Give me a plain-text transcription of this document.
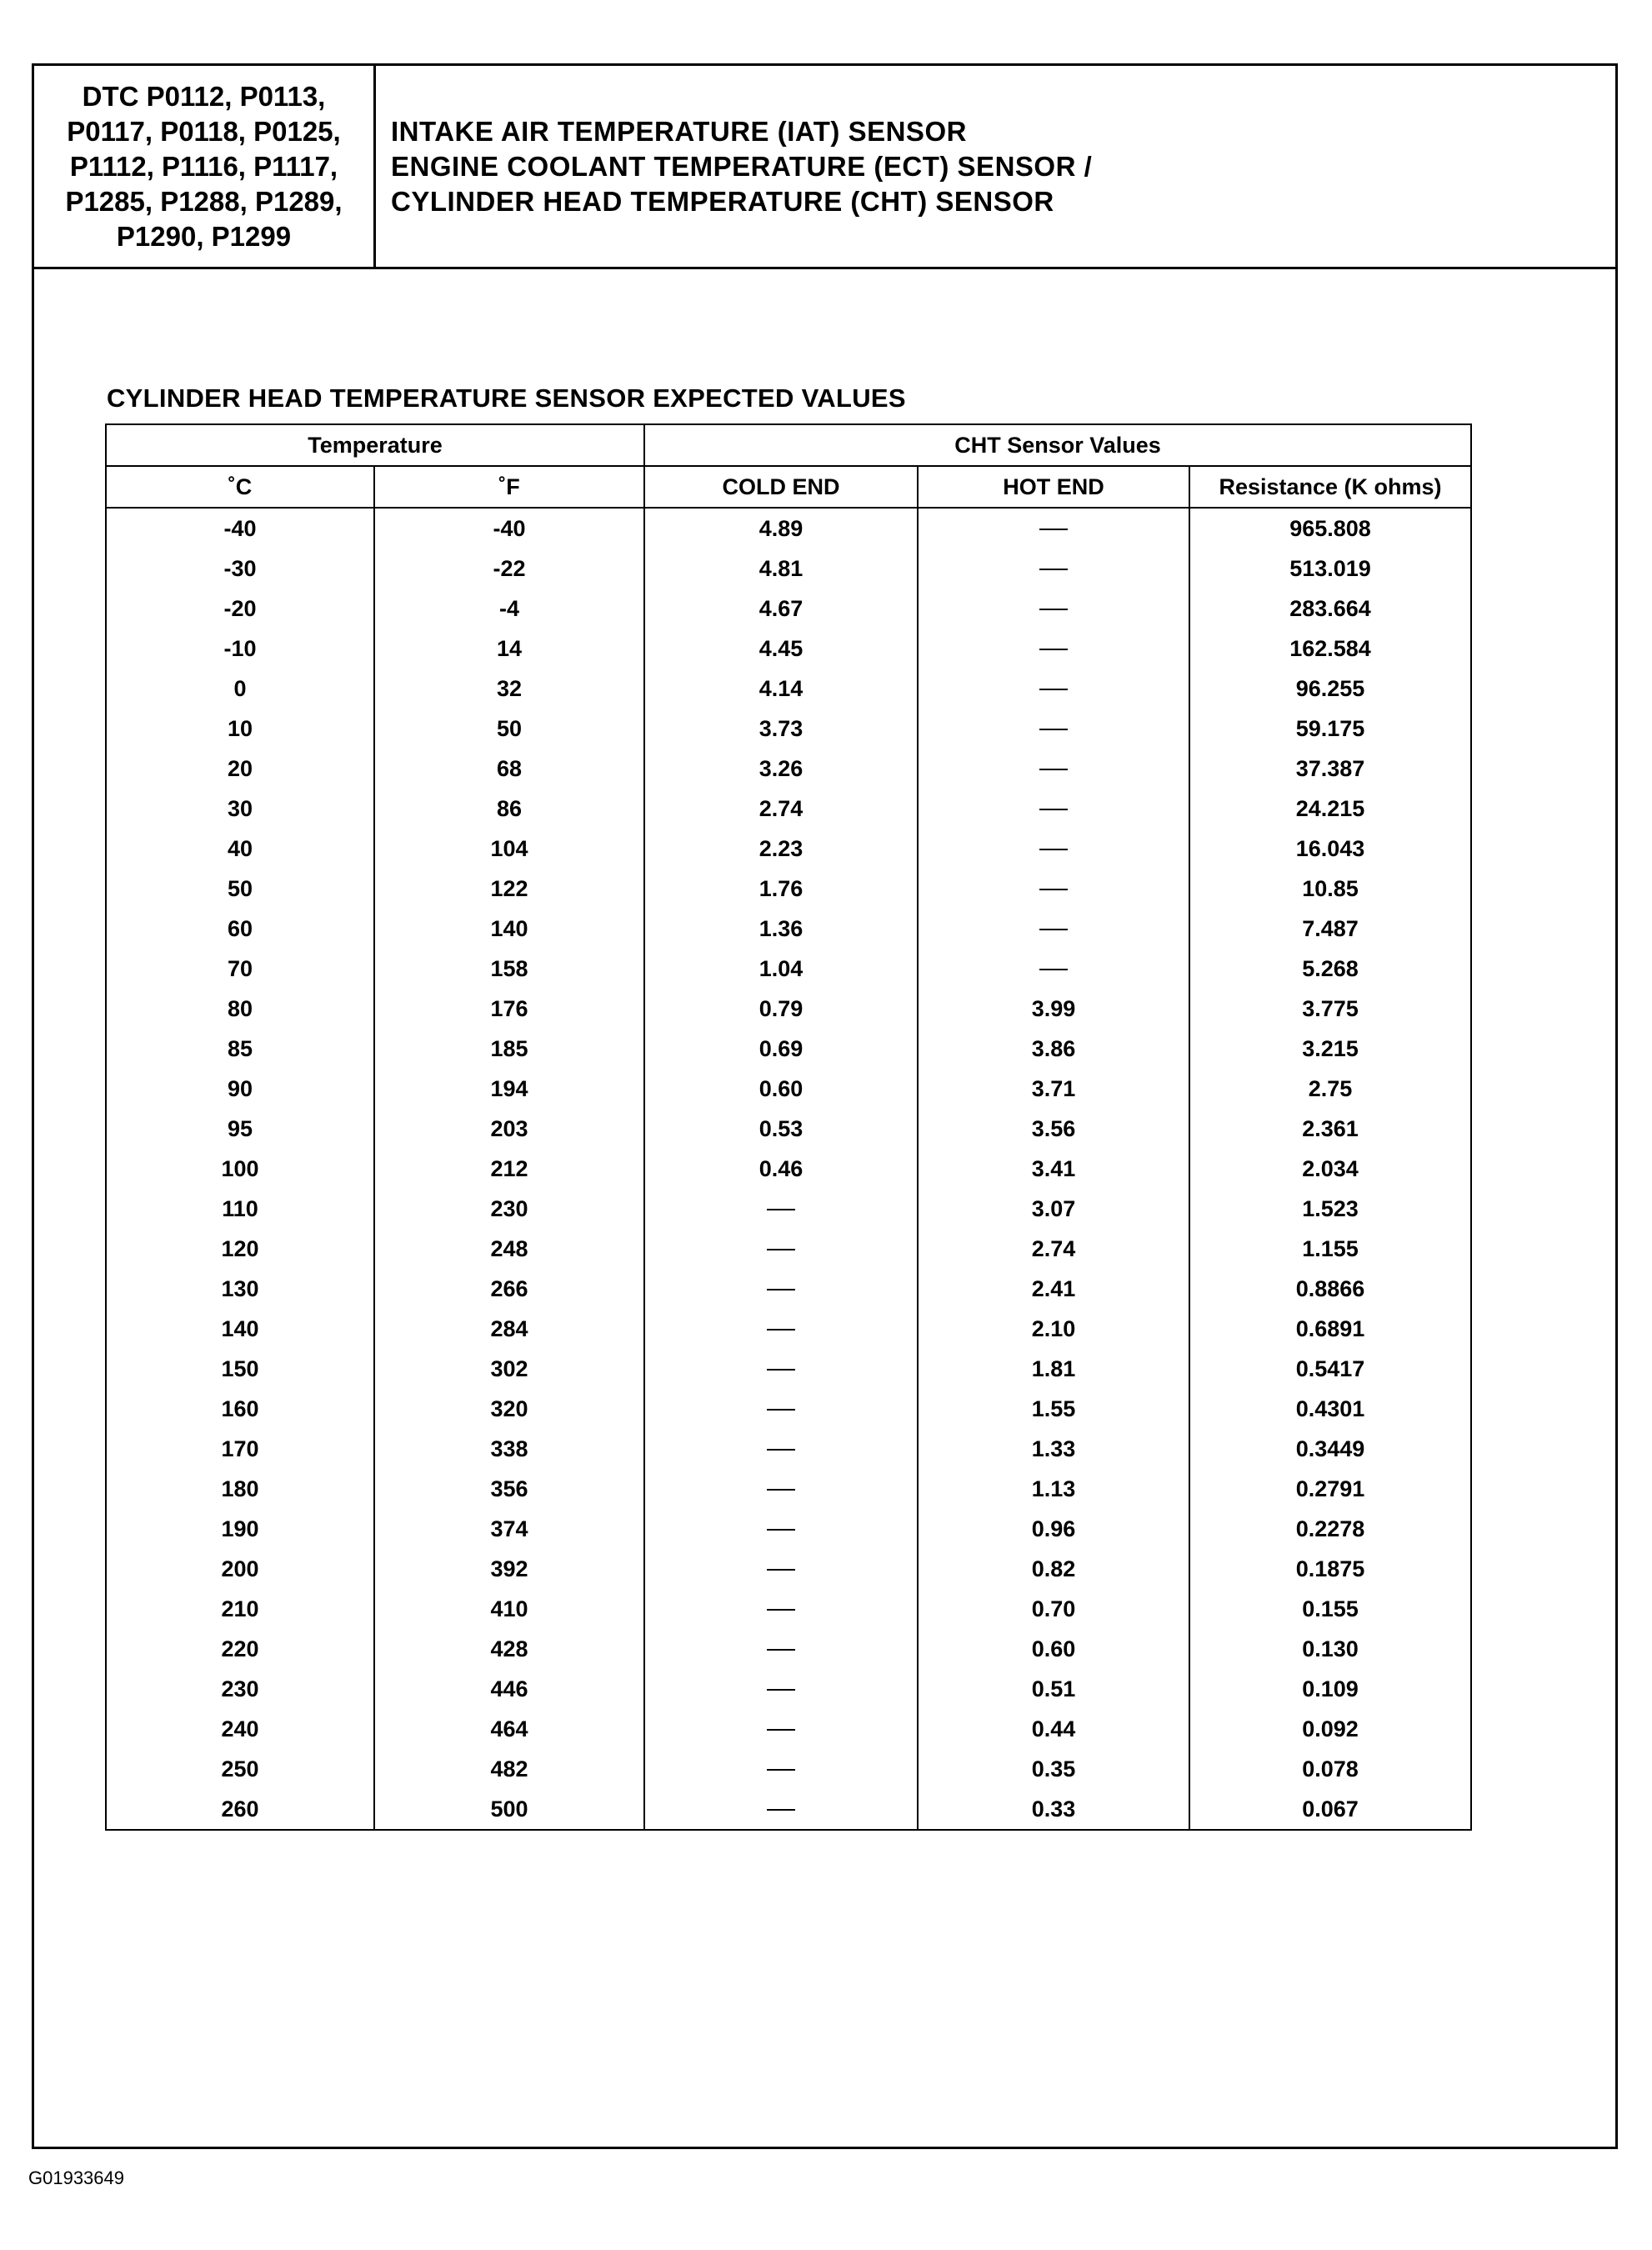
DTC P0112, P0113,
P0117, P0118, P0125,
P1112, P1116, P1117,
P1285, P1288, P1289,
P1290, P1299
INTAKE AIR TEMPERATURE (IAT) SENSOR
ENGINE COOLANT TEMPERATURE (ECT) SENSOR /
CYLINDER HEAD TEMPERATURE (CHT) SENSOR
CYLINDER HEAD TEMPERATURE SENSOR EXPECTED VALUES
Temperature		CHT Sensor Values		
˚C	˚F	COLD END	HOT END	Resistance (K ohms)
-40	-40	4.89		965.808
-30	-22	4.81		513.019
-20	-4	4.67		283.664
-10	14	4.45		162.584
0	32	4.14		96.255
10	50	3.73		59.175
20	68	3.26		37.387
30	86	2.74		24.215
40	104	2.23		16.043
50	122	1.76		10.85
60	140	1.36		7.487
70	158	1.04		5.268
80	176	0.79	3.99	3.775
85	185	0.69	3.86	3.215
90	194	0.60	3.71	2.75
95	203	0.53	3.56	2.361
100	212	0.46	3.41	2.034
110	230		3.07	1.523
120	248		2.74	1.155
130	266		2.41	0.8866
140	284		2.10	0.6891
150	302		1.81	0.5417
160	320		1.55	0.4301
170	338		1.33	0.3449
180	356		1.13	0.2791
190	374		0.96	0.2278
200	392		0.82	0.1875
210	410		0.70	0.155
220	428		0.60	0.130
230	446		0.51	0.109
240	464		0.44	0.092
250	482		0.35	0.078
260	500		0.33	0.067
G01933649
